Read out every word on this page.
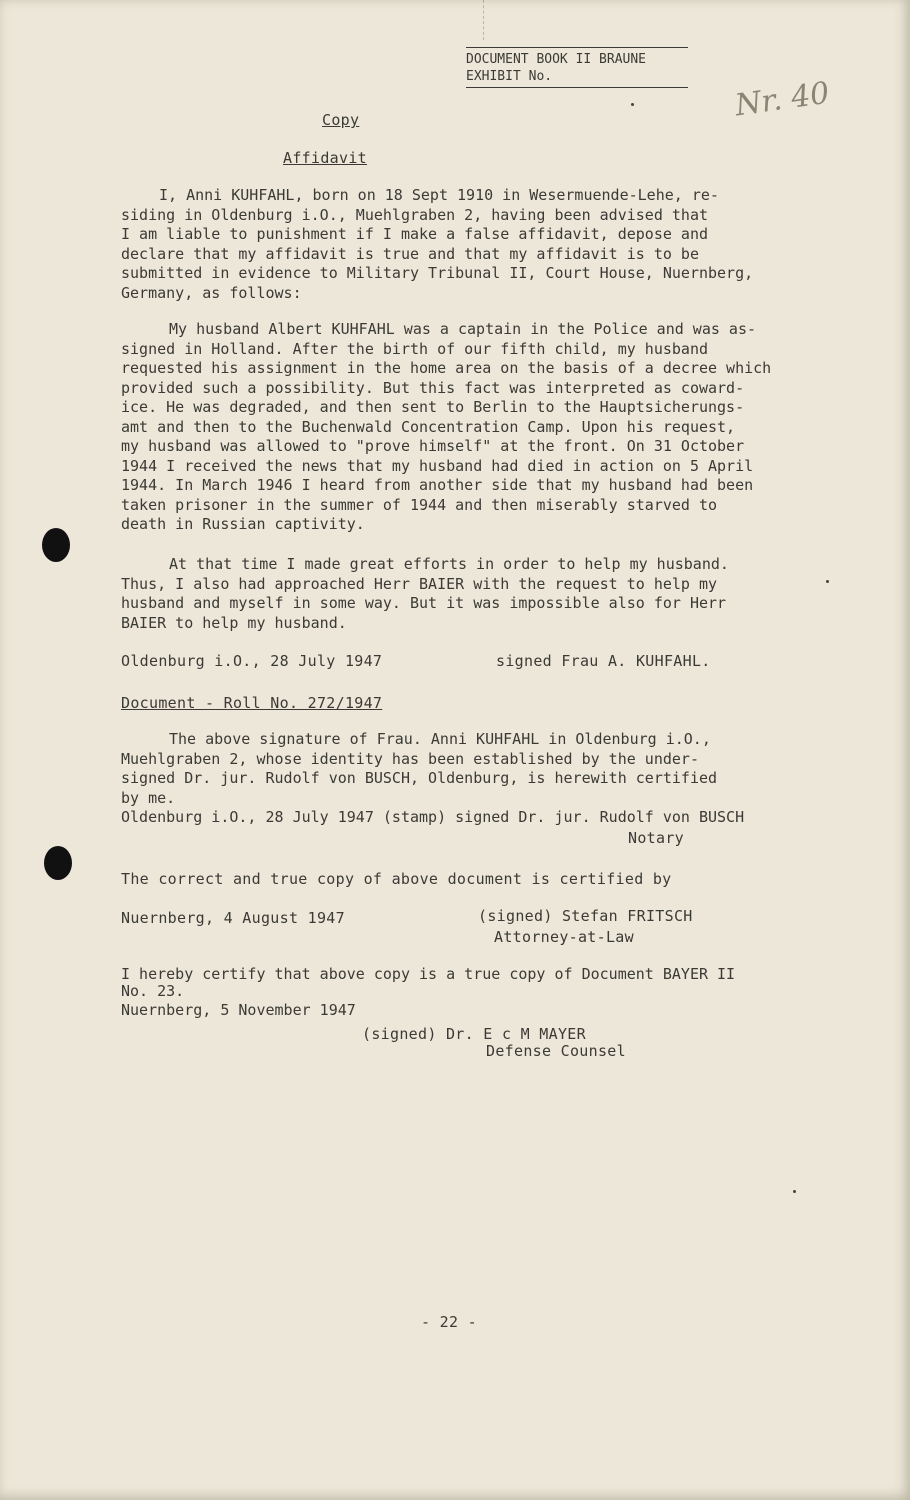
DOCUMENT BOOK II BRAUNE
EXHIBIT No.	Nr. 40
Copy
Affidavit
I, Anni KUHFAHL, born on 18 Sept 1910 in Wesermuende-Lehe, re-
siding in Oldenburg i.O., Muehlgraben 2, having been advised that
I am liable to punishment if I make a false affidavit, depose and
declare that my affidavit is true and that my affidavit is to be
submitted in evidence to Military Tribunal II, Court House, Nuernberg,
Germany, as follows:
My husband Albert KUHFAHL was a captain in the Police and was as-
signed in Holland. After the birth of our fifth child, my husband
requested his assignment in the home area on the basis of a decree which
provided such a possibility. But this fact was interpreted as coward-
ice. He was degraded, and then sent to Berlin to the Hauptsicherungs-
amt and then to the Buchenwald Concentration Camp. Upon his request,
my husband was allowed to "prove himself" at the front. On 31 October
1944 I received the news that my husband had died in action on 5 April
1944. In March 1946 I heard from another side that my husband had been
taken prisoner in the summer of 1944 and then miserably starved to
death in Russian captivity.
At that time I made great efforts in order to help my husband.
Thus, I also had approached Herr BAIER with the request to help my
husband and myself in some way. But it was impossible also for Herr
BAIER to help my husband.
Oldenburg i.O., 28 July 1947	signed Frau A. KUHFAHL.
Document - Roll No. 272/1947
The above signature of Frau. Anni KUHFAHL in Oldenburg i.O.,
Muehlgraben 2, whose identity has been established by the under-
signed Dr. jur. Rudolf von BUSCH, Oldenburg, is herewith certified
by me.
Oldenburg i.O., 28 July 1947 (stamp) signed Dr. jur. Rudolf von BUSCH
Notary
The correct and true copy of above document is certified by
Nuernberg, 4 August 1947	(signed) Stefan FRITSCH
Attorney-at-Law
I hereby certify that above copy is a true copy of Document BAYER II
No. 23.
Nuernberg, 5 November 1947
(signed) Dr. E c M MAYER
Defense Counsel
- 22 -
